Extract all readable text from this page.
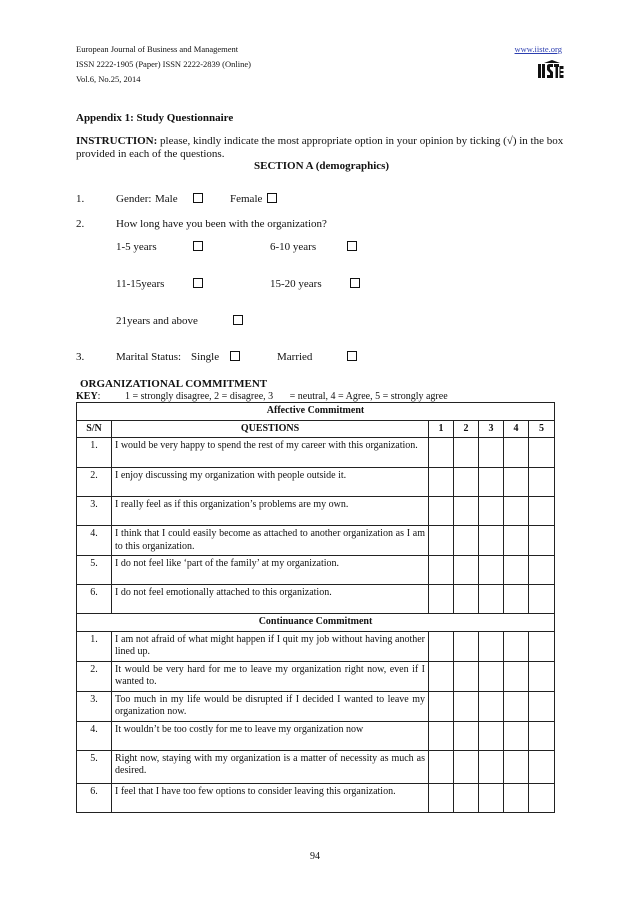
European Journal of Business and Management
ISSN 2222-1905 (Paper) ISSN 2222-2839 (Online)
Vol.6, No.25, 2014
www.iiste.org
Appendix 1: Study Questionnaire
INSTRUCTION: please, kindly indicate the most appropriate option in your opinion by ticking (√) in the box
provided in each of the questions.
SECTION A (demographics)
1.	Gender: Male	Female
2.	How long have you been with the organization?
1-5 years	6-10 years
11-15years	15-20 years
21years and above
3.	Marital Status: Single	Married
ORGANIZATIONAL COMMITMENT
KEY: 1 = strongly disagree, 2 = disagree, 3 = neutral, 4 = Agree, 5 = strongly agree
Affective Commitment						
S/N	QUESTIONS	1	2	3	4	5
1.	I would be very happy to spend the rest of my career with this organization.					
2.	I enjoy discussing my organization with people outside it.					
3.	I really feel as if this organization’s problems are my own.					
4.	I think that I could easily become as attached to another organization as I am to this organization.					
5.	I do not feel like ‘part of the family’ at my organization.					
6.	I do not feel emotionally attached to this organization.					
Continuance Commitment						
1.	I am not afraid of what might happen if I quit my job without having another lined up.					
2.	It would be very hard for me to leave my organization right now, even if I wanted to.					
3.	Too much in my life would be disrupted if I decided I wanted to leave my organization now.					
4.	It wouldn’t be too costly for me to leave my organization now					
5.	Right now, staying with my organization is a matter of necessity as much as desired.					
6.	I feel that I have too few options to consider leaving this organization.					
94
